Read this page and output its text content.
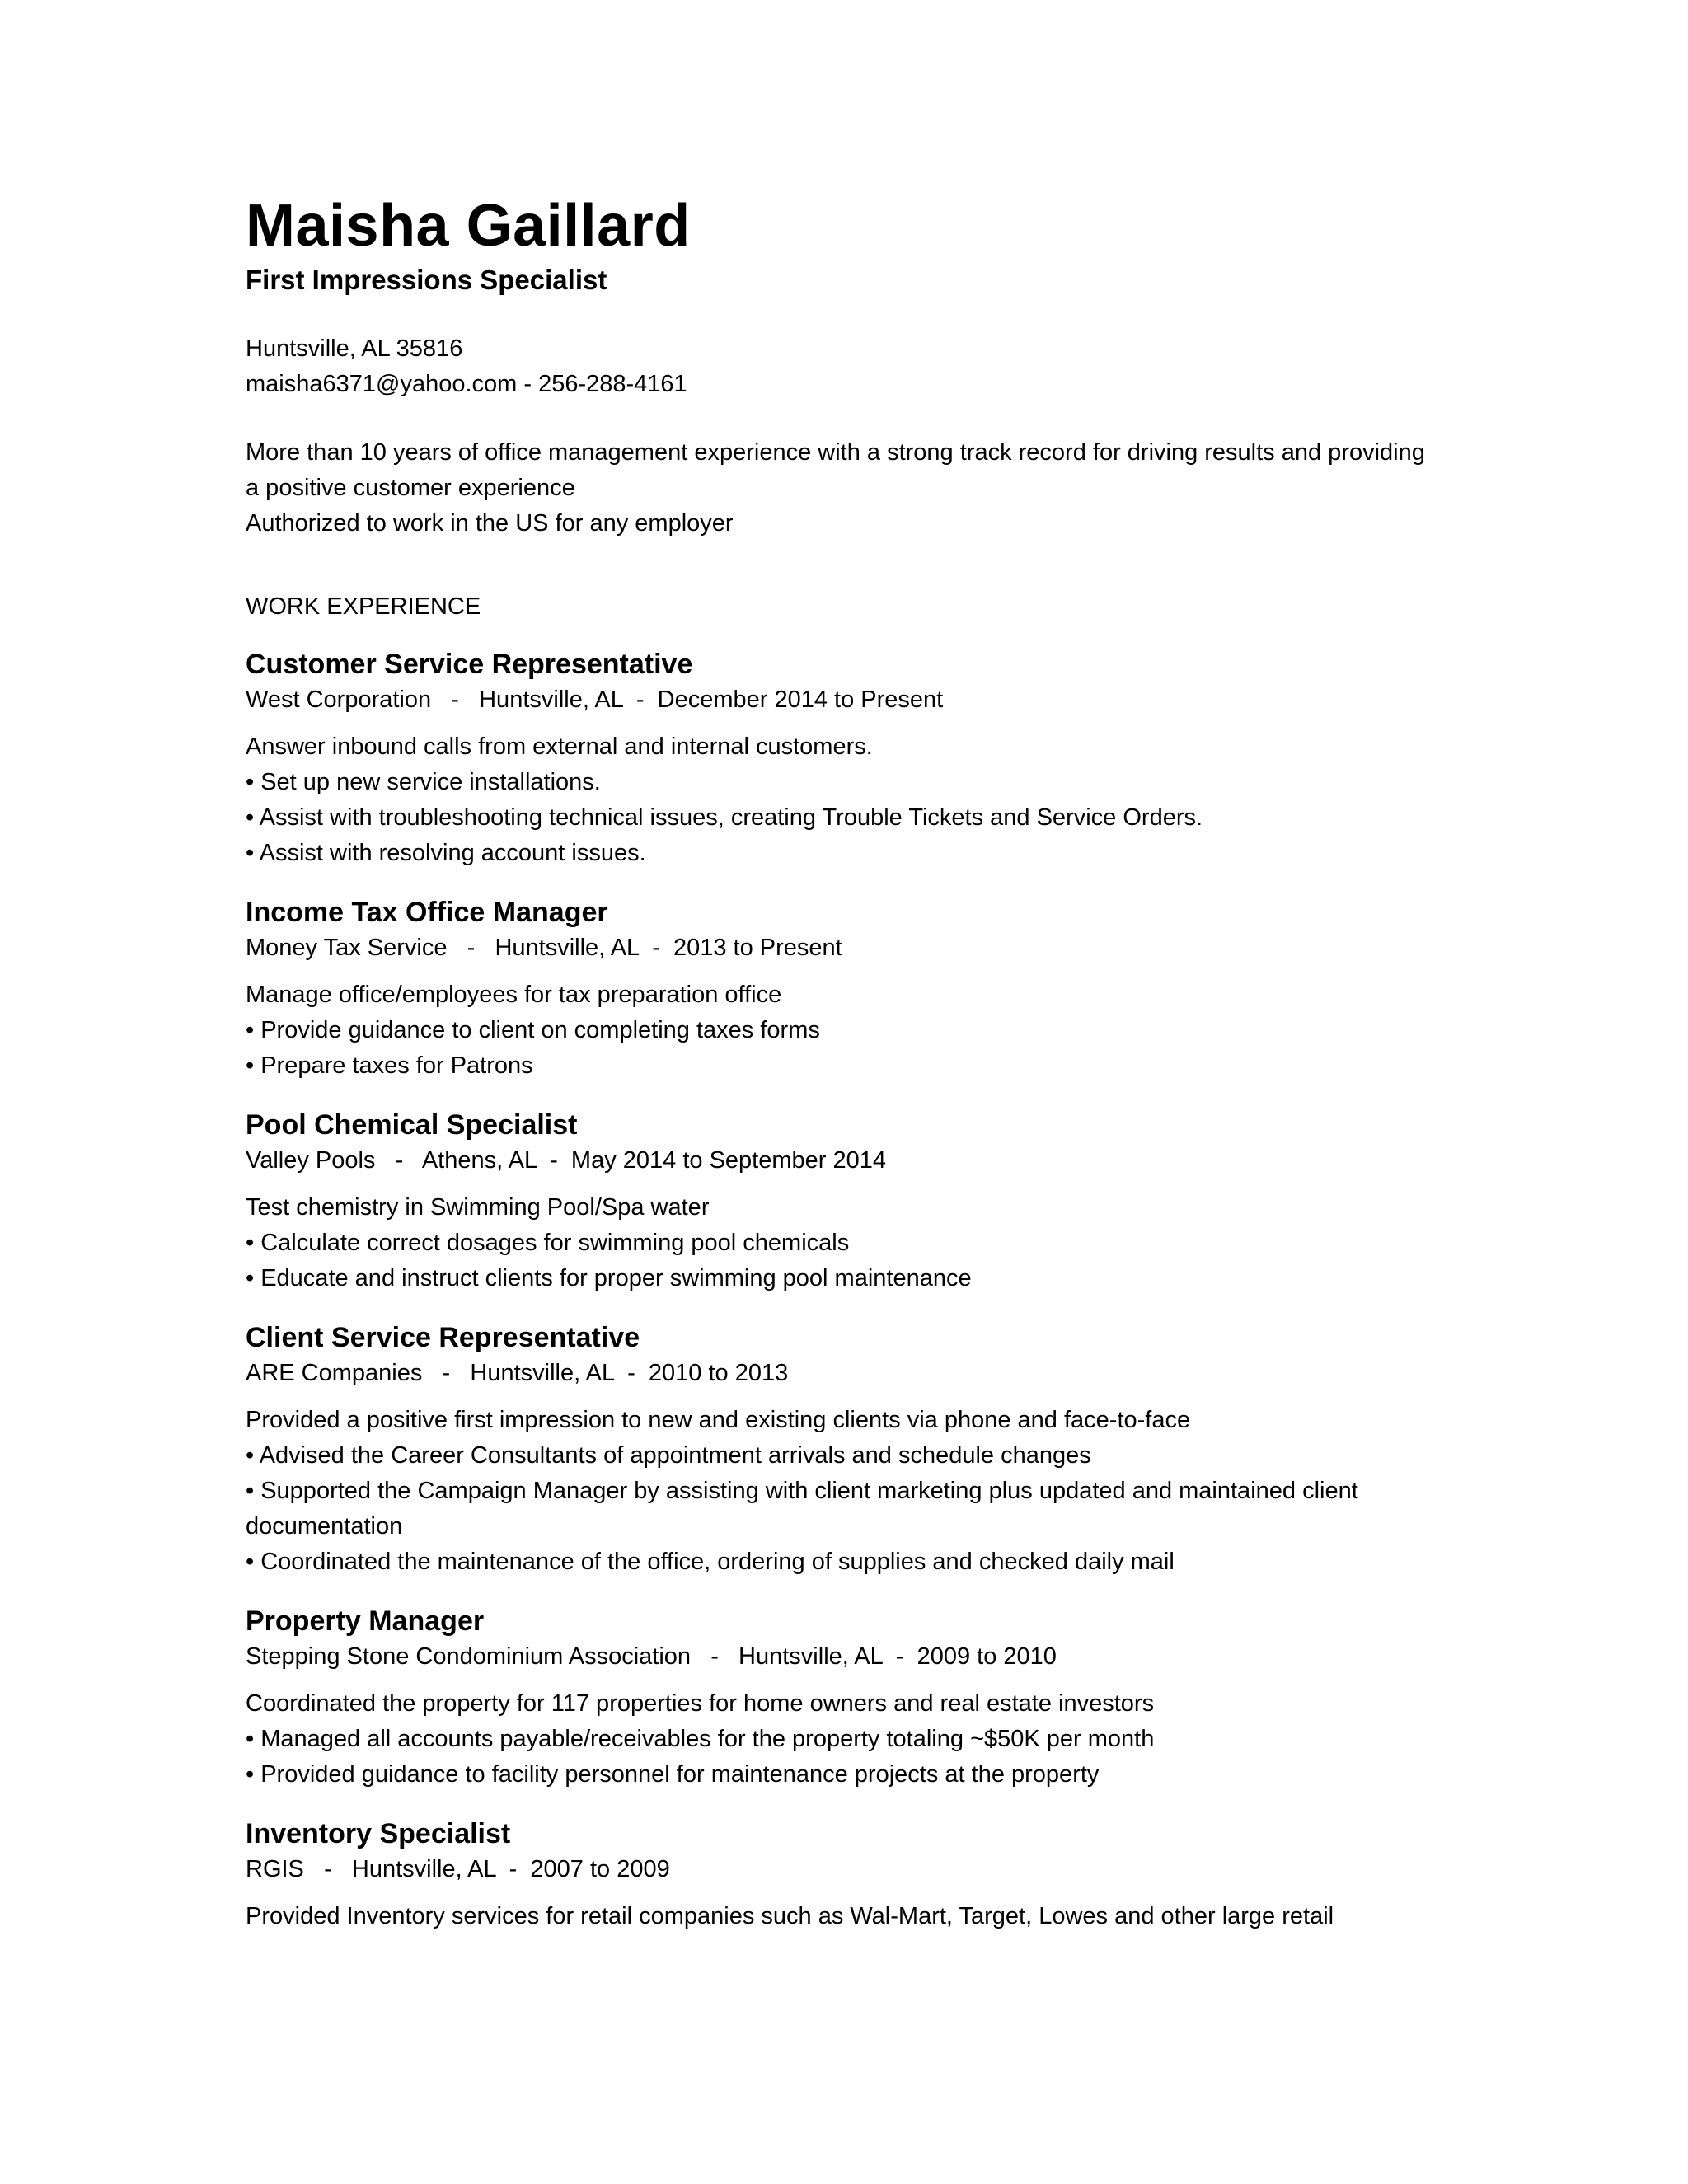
Maisha Gaillard
First Impressions Specialist
Huntsville, AL 35816
maisha6371@yahoo.com - 256-288-4161
More than 10 years of office management experience with a strong track record for driving results and providing
a positive customer experience
Authorized to work in the US for any employer
WORK EXPERIENCE
Customer Service Representative
West Corporation   -   Huntsville, AL  -  December 2014 to Present
Answer inbound calls from external and internal customers.
• Set up new service installations.
• Assist with troubleshooting technical issues, creating Trouble Tickets and Service Orders.
• Assist with resolving account issues.
Income Tax Office Manager
Money Tax Service   -   Huntsville, AL  -  2013 to Present
Manage office/employees for tax preparation office
• Provide guidance to client on completing taxes forms
• Prepare taxes for Patrons
Pool Chemical Specialist
Valley Pools   -   Athens, AL  -  May 2014 to September 2014
Test chemistry in Swimming Pool/Spa water
• Calculate correct dosages for swimming pool chemicals
• Educate and instruct clients for proper swimming pool maintenance
Client Service Representative
ARE Companies   -   Huntsville, AL  -  2010 to 2013
Provided a positive first impression to new and existing clients via phone and face-to-face
• Advised the Career Consultants of appointment arrivals and schedule changes
• Supported the Campaign Manager by assisting with client marketing plus updated and maintained client
documentation
• Coordinated the maintenance of the office, ordering of supplies and checked daily mail
Property Manager
Stepping Stone Condominium Association   -   Huntsville, AL  -  2009 to 2010
Coordinated the property for 117 properties for home owners and real estate investors
• Managed all accounts payable/receivables for the property totaling ~$50K per month
• Provided guidance to facility personnel for maintenance projects at the property
Inventory Specialist
RGIS   -   Huntsville, AL  -  2007 to 2009
Provided Inventory services for retail companies such as Wal-Mart, Target, Lowes and other large retail
